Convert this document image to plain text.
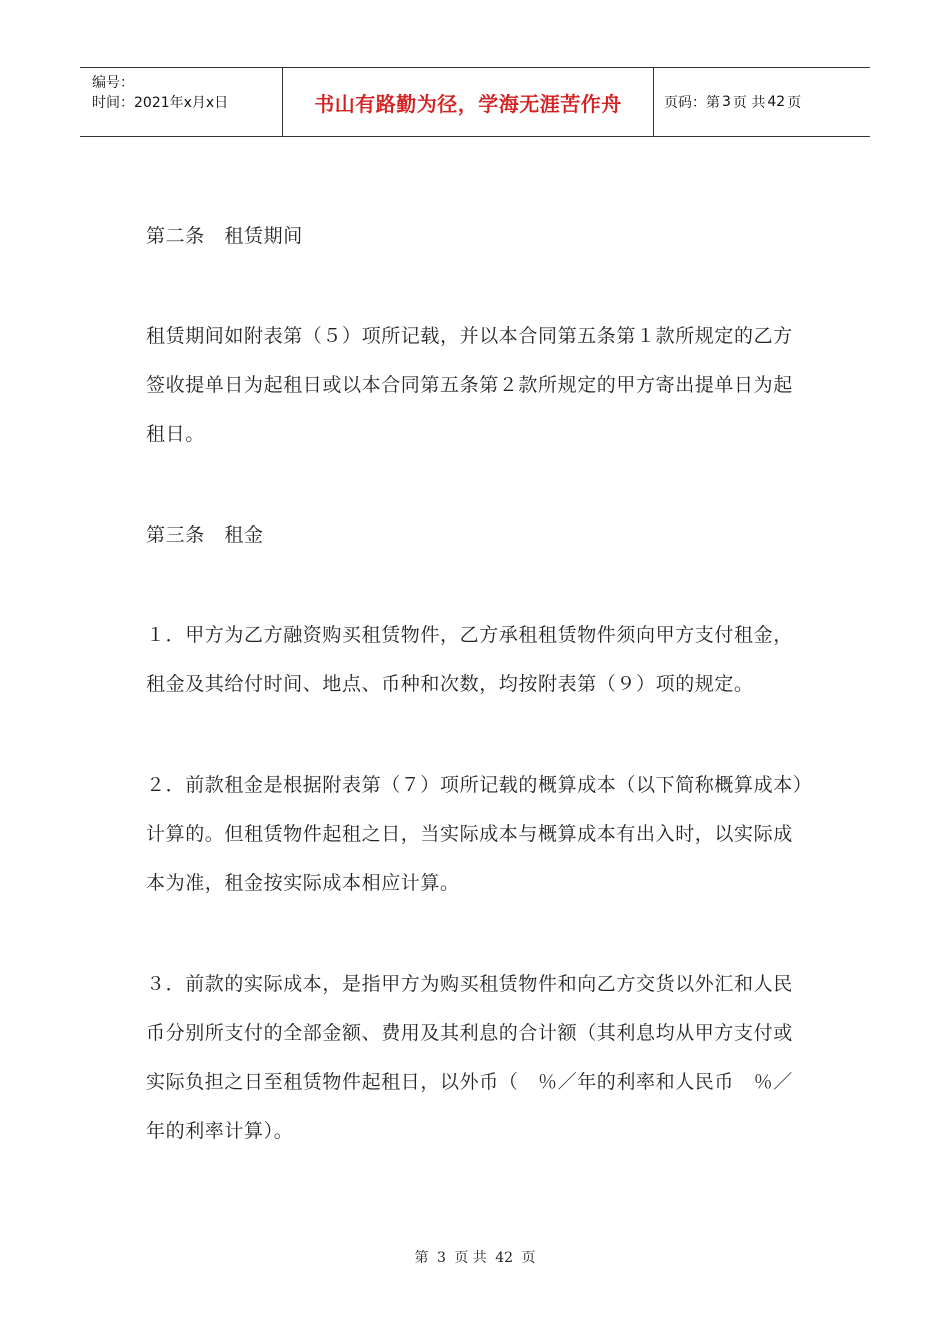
编号：
时间：2021年x月x日	书山有路勤为径，学海无涯苦作舟	页码：第 3 页 共 42 页
第二条　租赁期间
租赁期间如附表第（５）项所记载，并以本合同第五条第１款所规定的乙方签收提单日为起租日或以本合同第五条第２款所规定的甲方寄出提单日为起租日。
第三条　租金
１．甲方为乙方融资购买租赁物件，乙方承租租赁物件须向甲方支付租金，租金及其给付时间、地点、币种和次数，均按附表第（９）项的规定。
２．前款租金是根据附表第（７）项所记载的概算成本（以下简称概算成本）计算的。但租赁物件起租之日，当实际成本与概算成本有出入时，以实际成本为准，租金按实际成本相应计算。
３．前款的实际成本，是指甲方为购买租赁物件和向乙方交货以外汇和人民币分别所支付的全部金额、费用及其利息的合计额（其利息均从甲方支付或实际负担之日至租赁物件起租日，以外币（　％／年的利率和人民币　％／年的利率计算）。
第 3 页 共 42 页
